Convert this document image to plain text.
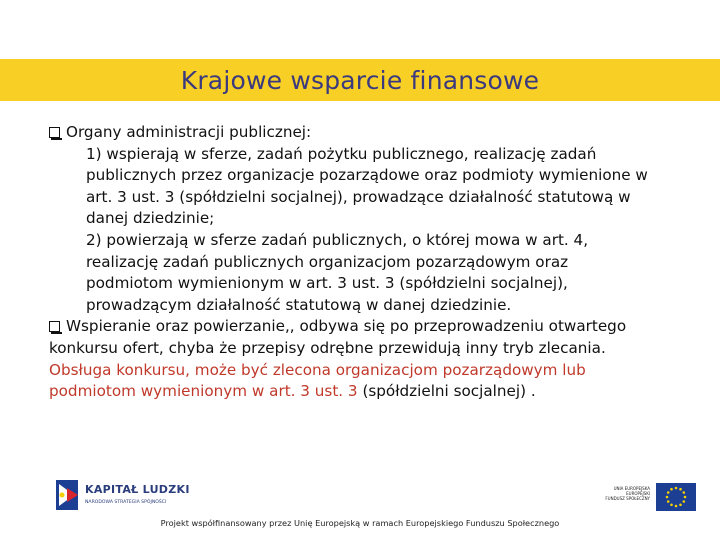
Krajowe wsparcie finansowe
Organy administracji publicznej:
1) wspierają w sferze, zadań pożytku publicznego, realizację zadań
publicznych przez organizacje pozarządowe oraz podmioty wymienione w
art. 3 ust. 3 (spółdzielni socjalnej), prowadzące działalność statutową w
danej dziedzinie;
2) powierzają w sferze zadań publicznych, o której mowa w art. 4,
realizację zadań publicznych organizacjom pozarządowym oraz
podmiotom wymienionym w art. 3 ust. 3 (spółdzielni socjalnej),
prowadzącym działalność statutową w danej dziedzinie.
Wspieranie oraz powierzanie,, odbywa się po przeprowadzeniu otwartego
konkursu ofert, chyba że przepisy odrębne przewidują inny tryb zlecania.
Obsługa konkursu, może być zlecona organizacjom pozarządowym lub
podmiotom wymienionym w art. 3 ust. 3 (spółdzielni socjalnej) .
KAPITAŁ LUDZKI
NARODOWA STRATEGIA SPÓJNOŚCI
UNIA EUROPEJSKA
EUROPEJSKI
FUNDUSZ SPOŁECZNY
Projekt współfinansowany przez Unię Europejską w ramach Europejskiego Funduszu Społecznego
